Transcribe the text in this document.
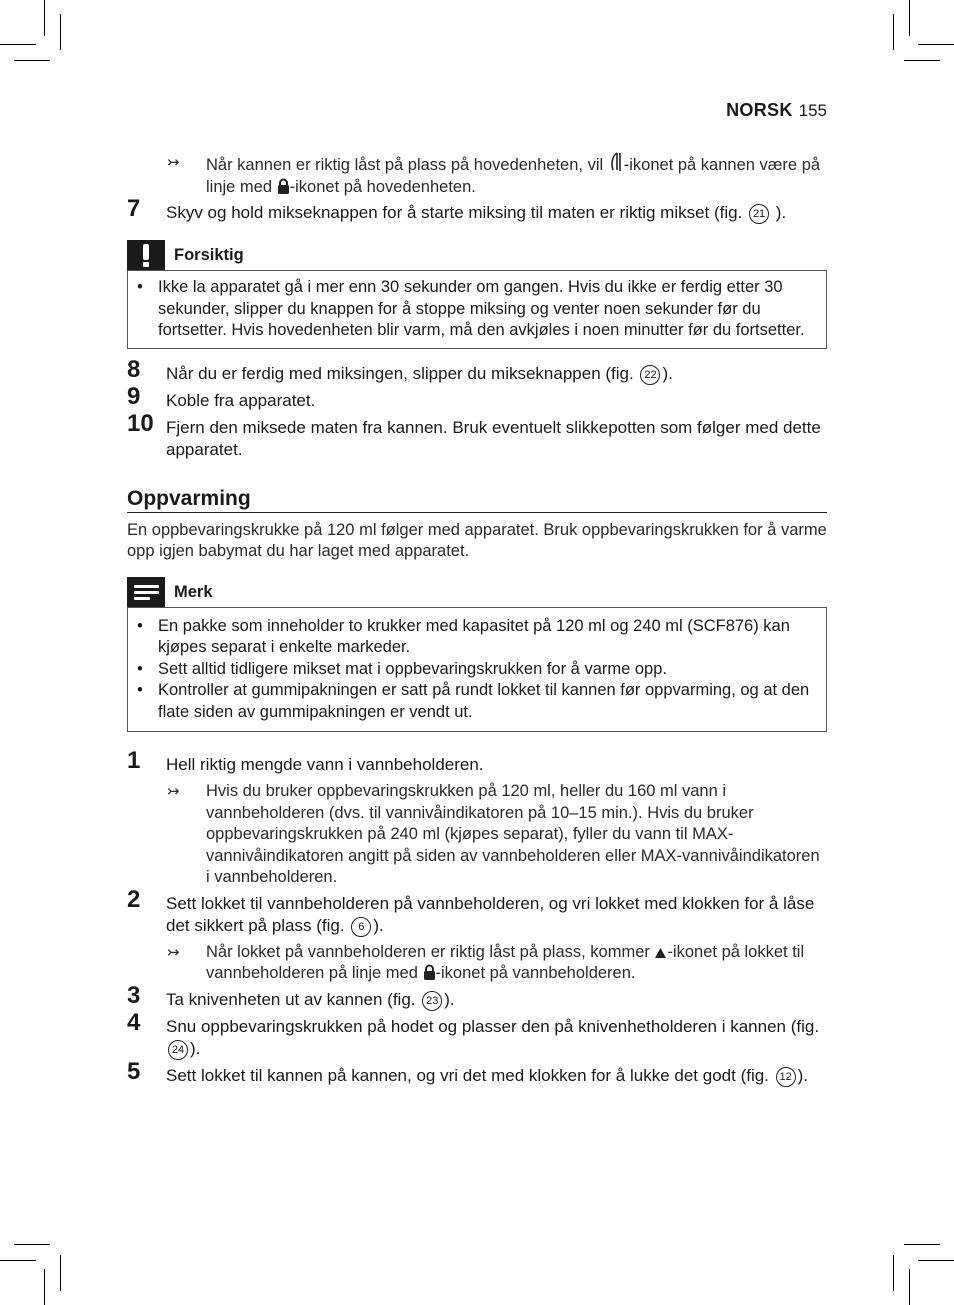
NORSK 155
↣ Når kannen er riktig låst på plass på hovedenheten, vil -ikonet på kannen være på linje med -ikonet på hovedenheten.
7 Skyv og hold mikseknappen for å starte miksing til maten er riktig mikset (fig. 21 ).
Forsiktig
• Ikke la apparatet gå i mer enn 30 sekunder om gangen. Hvis du ikke er ferdig etter 30 sekunder, slipper du knappen for å stoppe miksing og venter noen sekunder før du fortsetter. Hvis hovedenheten blir varm, må den avkjøles i noen minutter før du fortsetter.
8 Når du er ferdig med miksingen, slipper du mikseknappen (fig. 22 ).
9 Koble fra apparatet.
10 Fjern den miksede maten fra kannen. Bruk eventuelt slikkepotten som følger med dette apparatet.
Oppvarming
En oppbevaringskrukke på 120 ml følger med apparatet. Bruk oppbevaringskrukken for å varme opp igjen babymat du har laget med apparatet.
Merk
• En pakke som inneholder to krukker med kapasitet på 120 ml og 240 ml (SCF876) kan kjøpes separat i enkelte markeder.
• Sett alltid tidligere mikset mat i oppbevaringskrukken for å varme opp.
• Kontroller at gummipakningen er satt på rundt lokket til kannen før oppvarming, og at den flate siden av gummipakningen er vendt ut.
1 Hell riktig mengde vann i vannbeholderen.
↣ Hvis du bruker oppbevaringskrukken på 120 ml, heller du 160 ml vann i vannbeholderen (dvs. til vannivåindikatoren på 10–15 min.). Hvis du bruker oppbevaringskrukken på 240 ml (kjøpes separat), fyller du vann til MAX-vannivåindikatoren angitt på siden av vannbeholderen eller MAX-vannivåindikatoren i vannbeholderen.
2 Sett lokket til vannbeholderen på vannbeholderen, og vri lokket med klokken for å låse det sikkert på plass (fig. 6 ).
↣ Når lokket på vannbeholderen er riktig låst på plass, kommer -ikonet på lokket til vannbeholderen på linje med -ikonet på vannbeholderen.
3 Ta knivenheten ut av kannen (fig. 23 ).
4 Snu oppbevaringskrukken på hodet og plasser den på knivenhetholderen i kannen (fig. 24 ).
5 Sett lokket til kannen på kannen, og vri det med klokken for å lukke det godt (fig. 12 ).
